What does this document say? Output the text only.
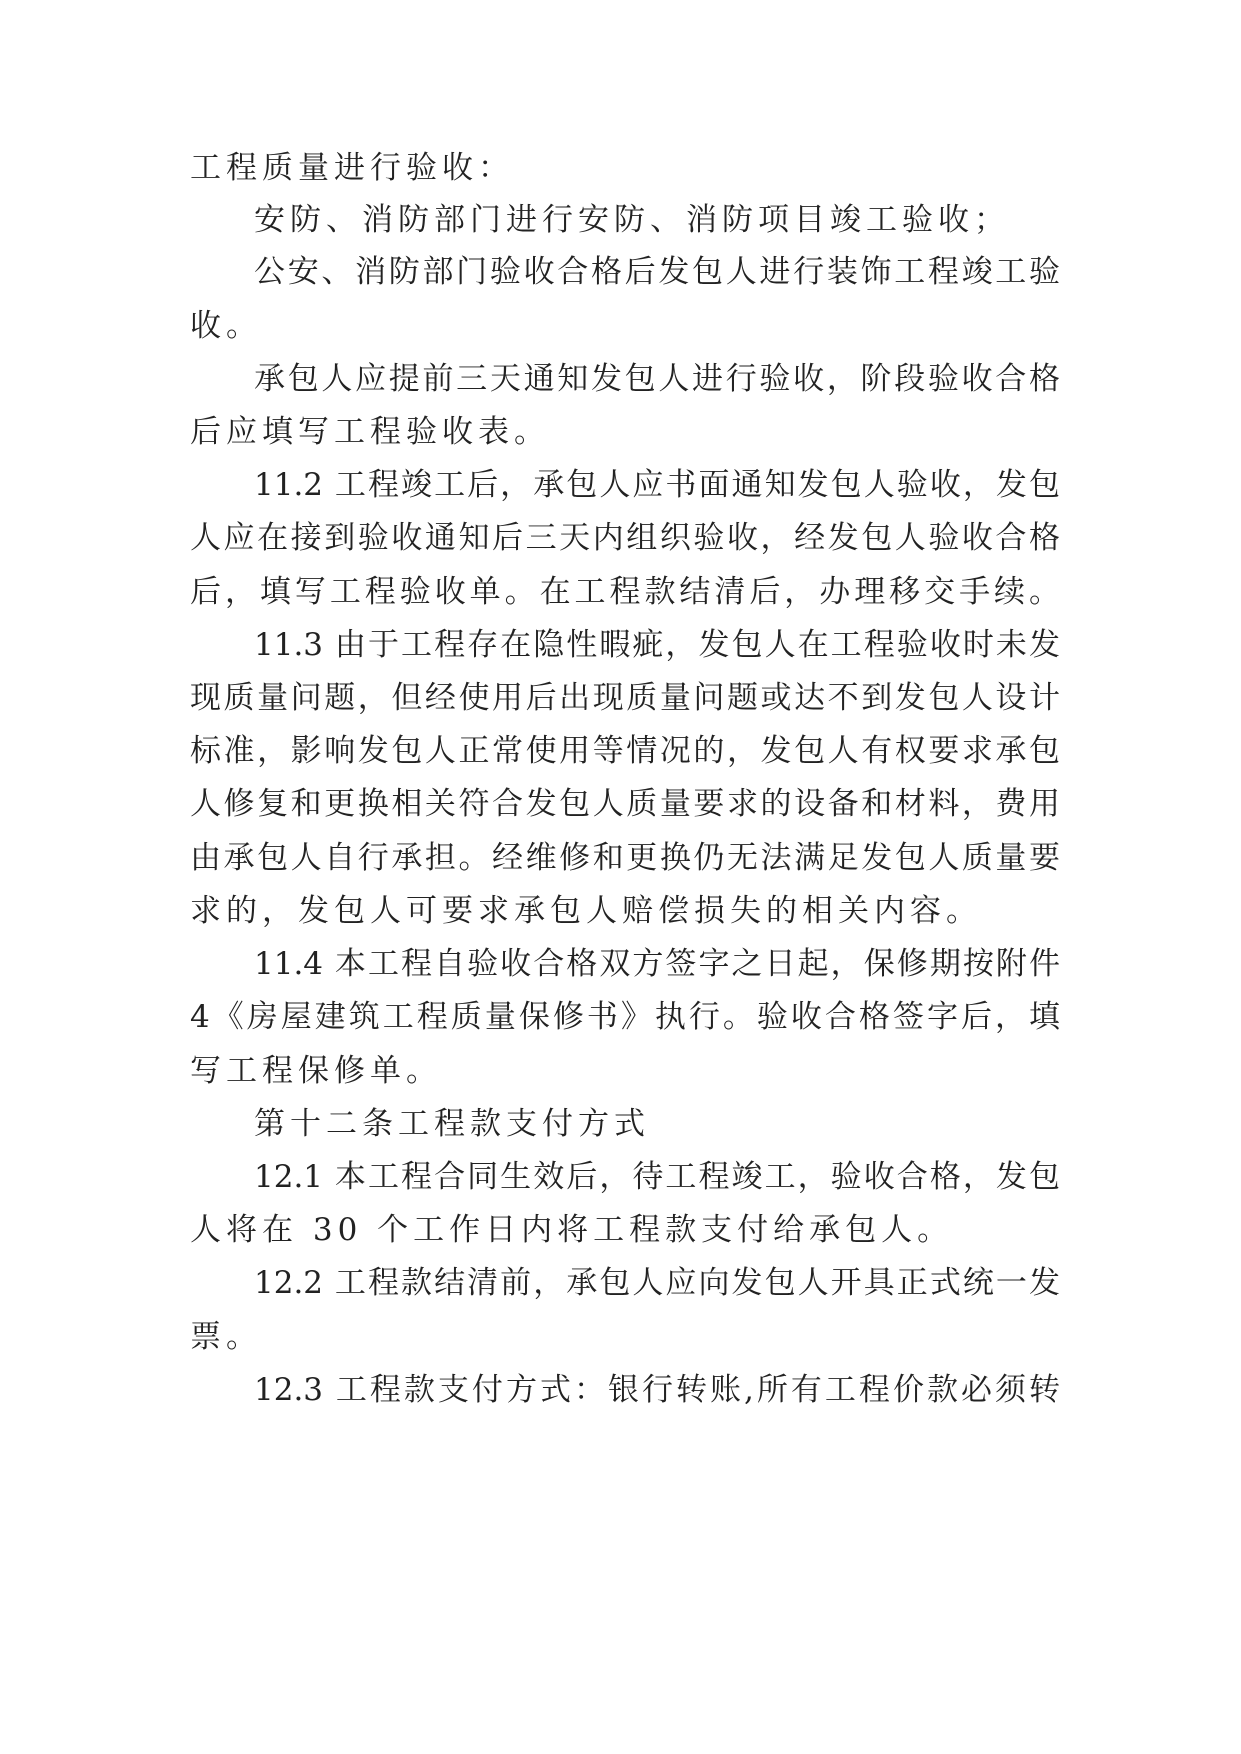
工程质量进行验收：
安防、消防部门进行安防、消防项目竣工验收；
公安、消防部门验收合格后发包人进行装饰工程竣工验
收。
承包人应提前三天通知发包人进行验收，阶段验收合格
后应填写工程验收表。
11.2 工程竣工后，承包人应书面通知发包人验收，发包
人应在接到验收通知后三天内组织验收，经发包人验收合格
后，填写工程验收单。在工程款结清后，办理移交手续。
11.3 由于工程存在隐性暇疵，发包人在工程验收时未发
现质量问题，但经使用后出现质量问题或达不到发包人设计
标准，影响发包人正常使用等情况的，发包人有权要求承包
人修复和更换相关符合发包人质量要求的设备和材料，费用
由承包人自行承担。经维修和更换仍无法满足发包人质量要
求的，发包人可要求承包人赔偿损失的相关内容。
11.4 本工程自验收合格双方签字之日起，保修期按附件
4《房屋建筑工程质量保修书》执行。验收合格签字后，填
写工程保修单。
第十二条工程款支付方式
12.1 本工程合同生效后，待工程竣工，验收合格，发包
人将在 30 个工作日内将工程款支付给承包人。
12.2 工程款结清前，承包人应向发包人开具正式统一发
票。
12.3 工程款支付方式：银行转账,所有工程价款必须转
